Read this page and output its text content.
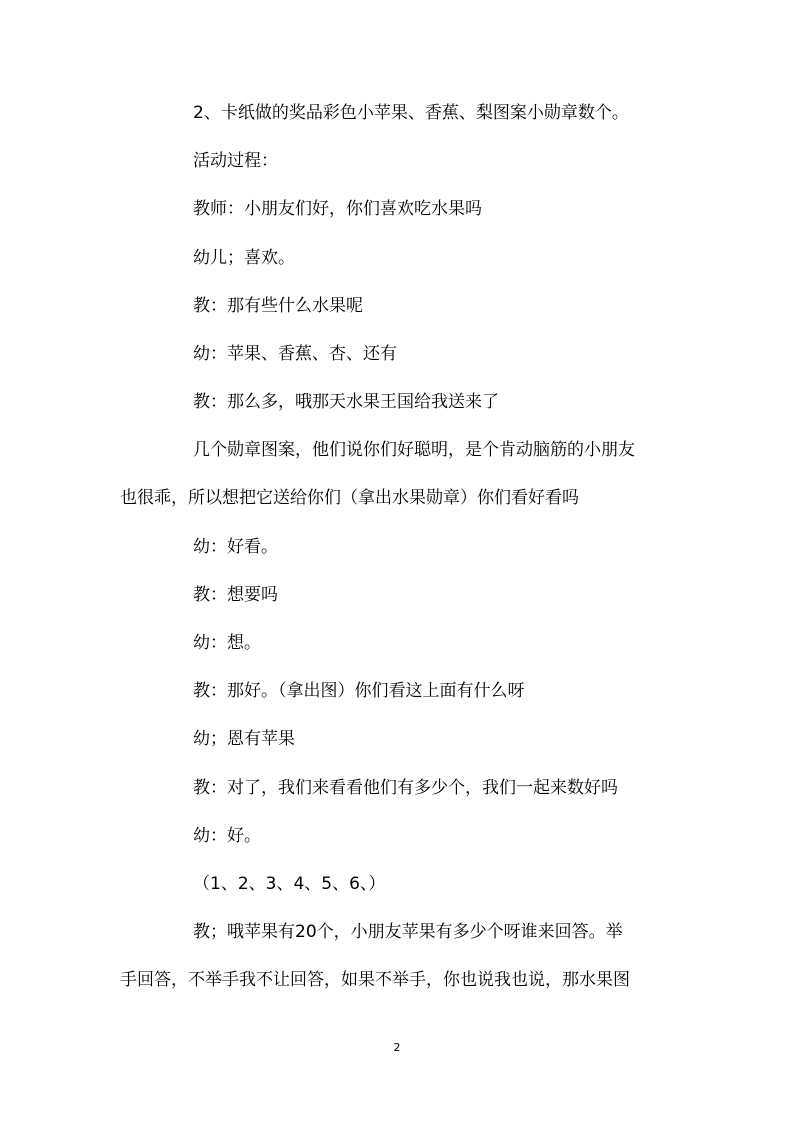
2、卡纸做的奖品彩色小苹果、香蕉、梨图案小勋章数个。
活动过程：
教师：小朋友们好，你们喜欢吃水果吗
幼儿；喜欢。
教：那有些什么水果呢
幼：苹果、香蕉、杏、还有
教：那么多，哦那天水果王国给我送来了
几个勋章图案，他们说你们好聪明，是个肯动脑筋的小朋友
也很乖，所以想把它送给你们（拿出水果勋章）你们看好看吗
幼：好看。
教：想要吗
幼：想。
教：那好。（拿出图）你们看这上面有什么呀
幼；恩有苹果
教：对了，我们来看看他们有多少个，我们一起来数好吗
幼：好。
（1、2、3、4、5、6、）
教；哦苹果有20个，小朋友苹果有多少个呀谁来回答。举
手回答，不举手我不让回答，如果不举手，你也说我也说，那水果图
2
